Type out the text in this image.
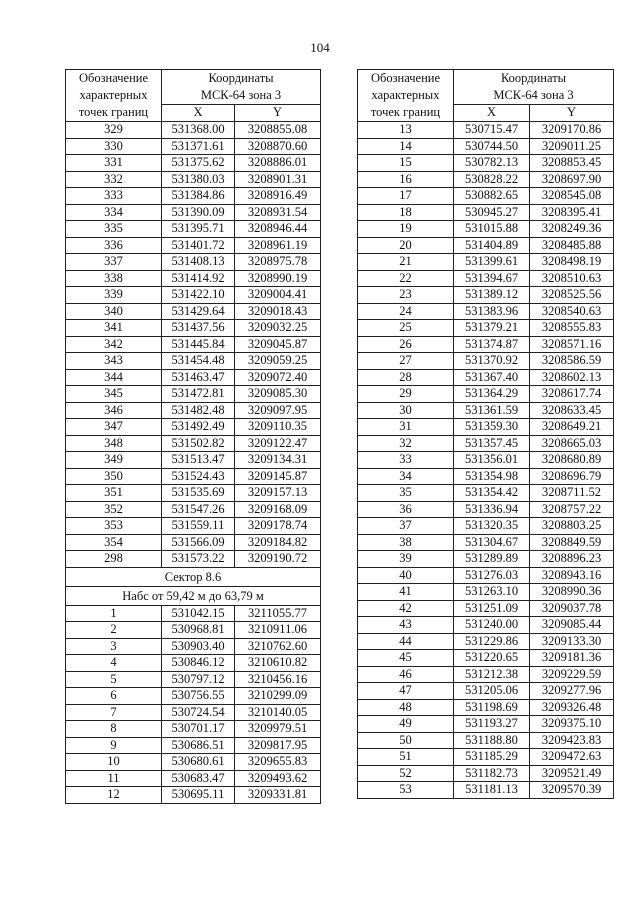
104
Обозначение
характерных
точек границ	Координаты
МСК-64 зона 3	
	X	Y
329	531368.00	3208855.08
330	531371.61	3208870.60
331	531375.62	3208886.01
332	531380.03	3208901.31
333	531384.86	3208916.49
334	531390.09	3208931.54
335	531395.71	3208946.44
336	531401.72	3208961.19
337	531408.13	3208975.78
338	531414.92	3208990.19
339	531422.10	3209004.41
340	531429.64	3209018.43
341	531437.56	3209032.25
342	531445.84	3209045.87
343	531454.48	3209059.25
344	531463.47	3209072.40
345	531472.81	3209085.30
346	531482.48	3209097.95
347	531492.49	3209110.35
348	531502.82	3209122.47
349	531513.47	3209134.31
350	531524.43	3209145.87
351	531535.69	3209157.13
352	531547.26	3209168.09
353	531559.11	3209178.74
354	531566.09	3209184.82
298	531573.22	3209190.72
Сектор 8.6		
Набс от 59,42 м до 63,79 м		
1	531042.15	3211055.77
2	530968.81	3210911.06
3	530903.40	3210762.60
4	530846.12	3210610.82
5	530797.12	3210456.16
6	530756.55	3210299.09
7	530724.54	3210140.05
8	530701.17	3209979.51
9	530686.51	3209817.95
10	530680.61	3209655.83
11	530683.47	3209493.62
12	530695.11	3209331.81
Обозначение
характерных
точек границ	Координаты
МСК-64 зона 3	
	X	Y
13	530715.47	3209170.86
14	530744.50	3209011.25
15	530782.13	3208853.45
16	530828.22	3208697.90
17	530882.65	3208545.08
18	530945.27	3208395.41
19	531015.88	3208249.36
20	531404.89	3208485.88
21	531399.61	3208498.19
22	531394.67	3208510.63
23	531389.12	3208525.56
24	531383.96	3208540.63
25	531379.21	3208555.83
26	531374.87	3208571.16
27	531370.92	3208586.59
28	531367.40	3208602.13
29	531364.29	3208617.74
30	531361.59	3208633.45
31	531359.30	3208649.21
32	531357.45	3208665.03
33	531356.01	3208680.89
34	531354.98	3208696.79
35	531354.42	3208711.52
36	531336.94	3208757.22
37	531320.35	3208803.25
38	531304.67	3208849.59
39	531289.89	3208896.23
40	531276.03	3208943.16
41	531263.10	3208990.36
42	531251.09	3209037.78
43	531240.00	3209085.44
44	531229.86	3209133.30
45	531220.65	3209181.36
46	531212.38	3209229.59
47	531205.06	3209277.96
48	531198.69	3209326.48
49	531193.27	3209375.10
50	531188.80	3209423.83
51	531185.29	3209472.63
52	531182.73	3209521.49
53	531181.13	3209570.39
